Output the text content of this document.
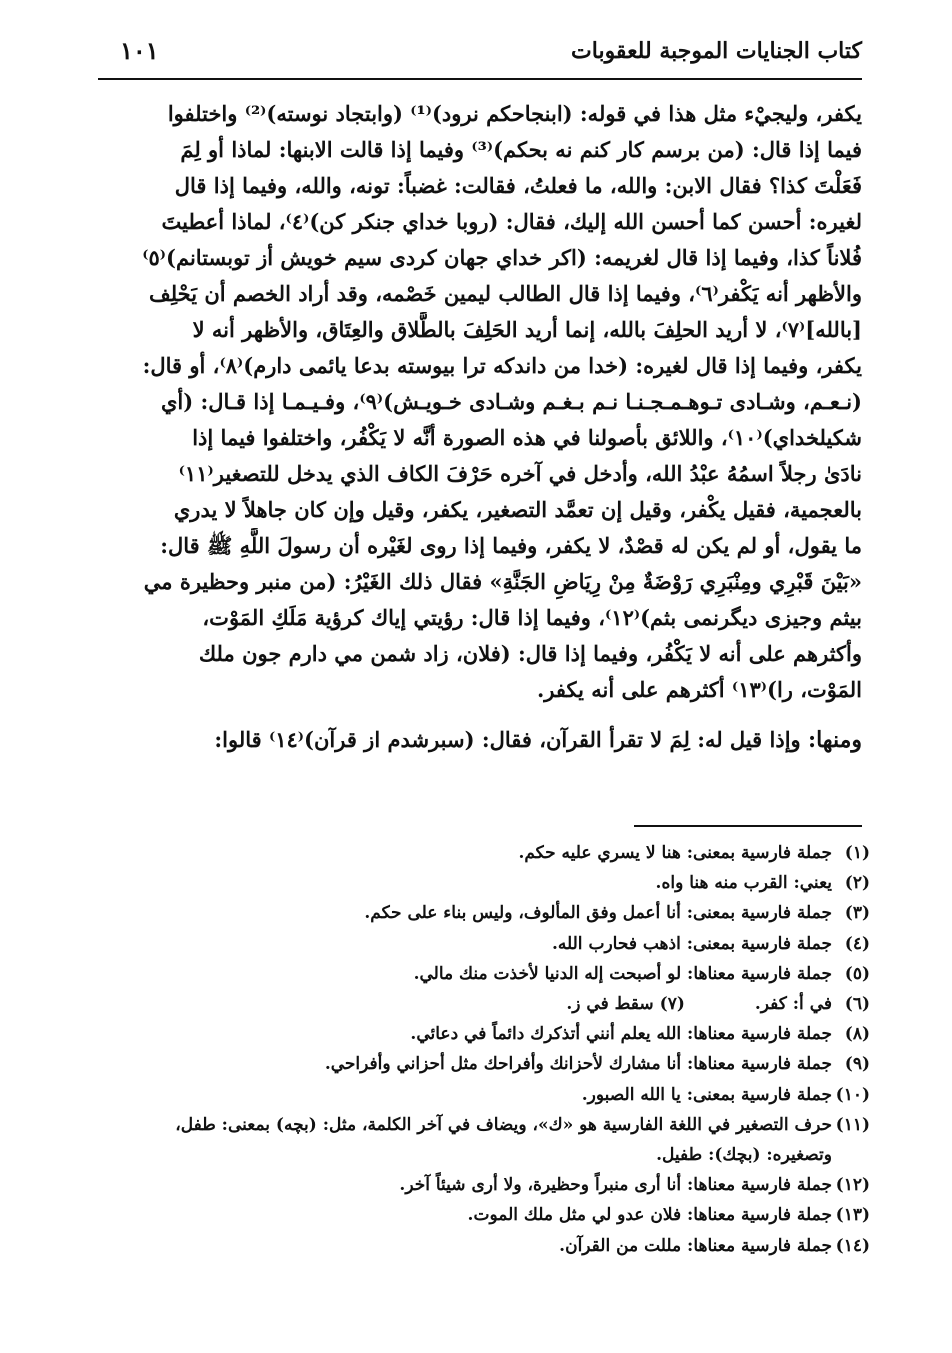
كتاب الجنايات الموجبة للعقوبات
١٠١
يكفر، وليجيْء مثل هذا في قوله: (ابنجاحكم نرود)⁽¹⁾ (وابتجاد نوسته)⁽²⁾ واختلفوا
فيما إذا قال: (من برسم كار كنم نه بحكم)⁽³⁾ وفيما إذا قالت الابنها: لماذا أو لِمَ
فَعَلْتَ كذا؟ فقال الابن: والله، ما فعلتُ، فقالت: غضباً: تونه، والله، وفيما إذا قال
لغيره: أحسن كما أحسن الله إليك، فقال: (روبا خداي جنكر كن)⁽٤⁾، لماذا أعطيتَ
فُلاناً كذا، وفيما إذا قال لغريمه: (اكر خداي جهان كردى سيم خويش أز توبستانم)⁽٥⁾
والأظهر أنه يَكْفر⁽٦⁾، وفيما إذا قال الطالب ليمين خَصْمه، وقد أراد الخصم أن يَحْلِف
[بالله]⁽٧⁾، لا أريد الحلِفَ بالله، إنما أريد الحَلِفَ بالطَّلاق والعِتَاق، والأظهر أنه لا
يكفر، وفيما إذا قال لغيره: (خدا من داندكه ترا بيوسته بدعا يائمى دارم)⁽٨⁾، أو قال:
(نـعـم، وشـادى تـوهـمـجـنـا نـم بـغـم وشـادى خـويـش)⁽٩⁾، وفـيـمـا إذا قـال: (أي
شكيلخداي)⁽١٠⁾، واللائق بأصولنا في هذه الصورة أنَّه لا يَكْفُر، واختلفوا فيما إذا
نادَىٰ رجلاً اسمُهُ عبْدُ الله، وأدخل في آخره حَرْفَ الكاف الذي يدخل للتصغير⁽١١⁾
بالعجمية، فقيل يكْفر، وقيل إن تعمَّد التصغير، يكفر، وقيل وإن كان جاهلاً لا يدري
ما يقول، أو لم يكن له قصْدٌ، لا يكفر، وفيما إذا روى لغَيْره أن رسولَ اللَّهِ ﷺ قال:
«بَيْنَ قَبْرِي ومِنْبَرِي رَوْضَةٌ مِنْ رِيَاضِ الجَنَّةِ» فقال ذلك الغَيْرُ: (من منبر وحظيرة مي
بيثم وجيزى ديگرنمى بثم)⁽١٢⁾، وفيما إذا قال: رؤيتي إياك كرؤية مَلَكِ المَوْت،
وأكثرهم على أنه لا يَكْفُر، وفيما إذا قال: (فلان، زاد شمن مي دارم جون ملك
المَوْت، را)⁽١٣⁾ أكثرهم على أنه يكفر.
ومنها: وإذا قيل له: لِمَ لا تقرأ القرآن، فقال: (سبرشدم از قرآن)⁽١٤⁾ قالوا:
(١)
جملة فارسية بمعنى: هنا لا يسري عليه حكم.
(٢)
يعني: القرب منه هنا واه.
(٣)
جملة فارسية بمعنى: أنا أعمل وفق المألوف، وليس بناء على حكم.
(٤)
جملة فارسية بمعنى: اذهب فحارب الله.
(٥)
جملة فارسية معناها: لو أصبحت إله الدنيا لأخذت منك مالي.
(٦)
في أ: كفر.
(٧)
سقط في ز.
(٨)
جملة فارسية معناها: الله يعلم أنني أتذكرك دائماً في دعائي.
(٩)
جملة فارسية معناها: أنا مشارك لأحزانك وأفراحك مثل أحزاني وأفراحي.
(١٠)
جملة فارسية بمعنى: يا الله الصبور.
(١١)
حرف التصغير في اللغة الفارسية هو «ك»، ويضاف في آخر الكلمة، مثل: (بچه) بمعنى: طفل،
وتصغيره: (بچك): طفيل.
(١٢)
جملة فارسية معناها: أنا أرى منبراً وحظيرة، ولا أرى شيئاً آخر.
(١٣)
جملة فارسية معناها: فلان عدو لي مثل ملك الموت.
(١٤)
جملة فارسية معناها: مللت من القرآن.
